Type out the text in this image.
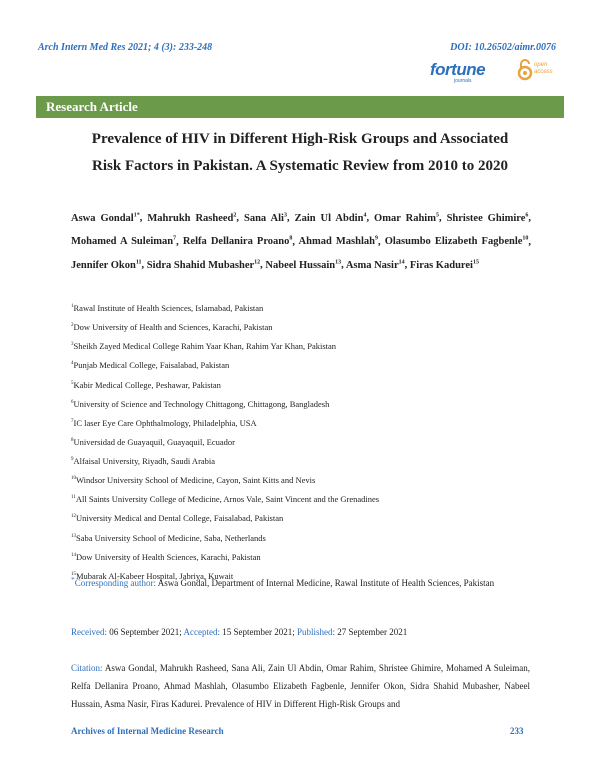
Arch Intern Med Res 2021; 4 (3): 233-248	DOI: 10.26502/aimr.0076
fortune
journals
open
access
Research Article
Prevalence of HIV in Different High-Risk Groups and Associated
Risk Factors in Pakistan. A Systematic Review from 2010 to 2020
Aswa Gondal$^{1*}$, Mahrukh Rasheed$^2$, Sana Ali$^3$, Zain Ul Abdin$^4$, Omar Rahim$^5$, Shristee Ghimire$^6$, Mohamed A Suleiman$^7$, Relfa Dellanira Proano$^8$, Ahmad Mashlah$^9$, Olasumbo Elizabeth Fagbenle$^{10}$, Jennifer Okon$^{11}$, Sidra Shahid Mubasher$^{12}$, Nabeel Hussain$^{13}$, Asma Nasir$^{14}$, Firas Kadurei$^{15}$
$^1$Rawal Institute of Health Sciences, Islamabad, Pakistan
$^2$Dow University of Health and Sciences, Karachi, Pakistan
$^3$Sheikh Zayed Medical College Rahim Yaar Khan, Rahim Yar Khan, Pakistan
$^4$Punjab Medical College, Faisalabad, Pakistan
$^5$Kabir Medical College, Peshawar, Pakistan
$^6$University of Science and Technology Chittagong, Chittagong, Bangladesh
$^7$IC laser Eye Care Ophthalmology, Philadelphia, USA
$^8$Universidad de Guayaquil, Guayaquil, Ecuador
$^9$Alfaisal University, Riyadh, Saudi Arabia
$^{10}$Windsor University School of Medicine, Cayon, Saint Kitts and Nevis
$^{11}$All Saints University College of Medicine, Arnos Vale, Saint Vincent and the Grenadines
$^{12}$University Medical and Dental College, Faisalabad, Pakistan
$^{13}$Saba University School of Medicine, Saba, Netherlands
$^{14}$Dow University of Health Sciences, Karachi, Pakistan
$^{15}$Mubarak Al-Kabeer Hospital, Jabriya, Kuwait
*Corresponding author: Aswa Gondal, Department of Internal Medicine, Rawal Institute of Health Sciences, Pakistan
Received: 06 September 2021; Accepted: 15 September 2021; Published: 27 September 2021
Citation: Aswa Gondal, Mahrukh Rasheed, Sana Ali, Zain Ul Abdin, Omar Rahim, Shristee Ghimire, Mohamed A Suleiman, Relfa Dellanira Proano, Ahmad Mashlah, Olasumbo Elizabeth Fagbenle, Jennifer Okon, Sidra Shahid Mubasher, Nabeel Hussain, Asma Nasir, Firas Kadurei. Prevalence of HIV in Different High-Risk Groups and
Archives of Internal Medicine Research	233
